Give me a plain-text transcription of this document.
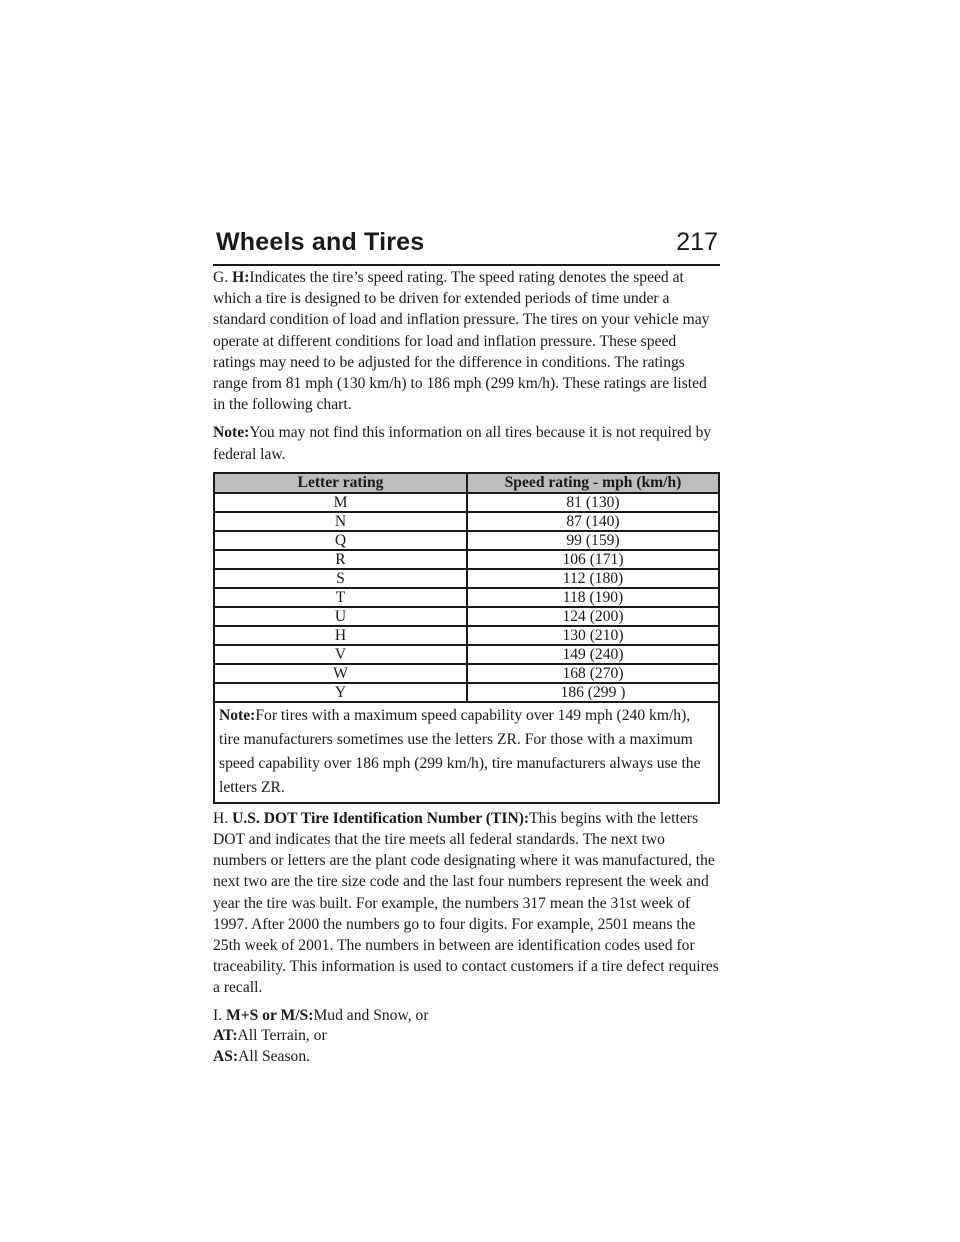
Wheels and Tires	217

G. H:Indicates the tire’s speed rating. The speed rating denotes the speed at which a tire is designed to be driven for extended periods of time under a standard condition of load and inflation pressure. The tires on your vehicle may operate at different conditions for load and inflation pressure. These speed ratings may need to be adjusted for the difference in conditions. The ratings range from 81 mph (130 km/h) to 186 mph (299 km/h). These ratings are listed in the following chart.

Note:You may not find this information on all tires because it is not required by federal law.

Letter rating	Speed rating - mph (km/h)
M	81 (130)
N	87 (140)
Q	99 (159)
R	106 (171)
S	112 (180)
T	118 (190)
U	124 (200)
H	130 (210)
V	149 (240)
W	168 (270)
Y	186 (299 )
Note:For tires with a maximum speed capability over 149 mph (240 km/h), tire manufacturers sometimes use the letters ZR. For those with a maximum speed capability over 186 mph (299 km/h), tire manufacturers always use the letters ZR.	

H. U.S. DOT Tire Identification Number (TIN):This begins with the letters DOT and indicates that the tire meets all federal standards. The next two numbers or letters are the plant code designating where it was manufactured, the next two are the tire size code and the last four numbers represent the week and year the tire was built. For example, the numbers 317 mean the 31st week of 1997. After 2000 the numbers go to four digits. For example, 2501 means the 25th week of 2001. The numbers in between are identification codes used for traceability. This information is used to contact customers if a tire defect requires a recall.

I. M+S or M/S:Mud and Snow, or
AT:All Terrain, or
AS:All Season.
